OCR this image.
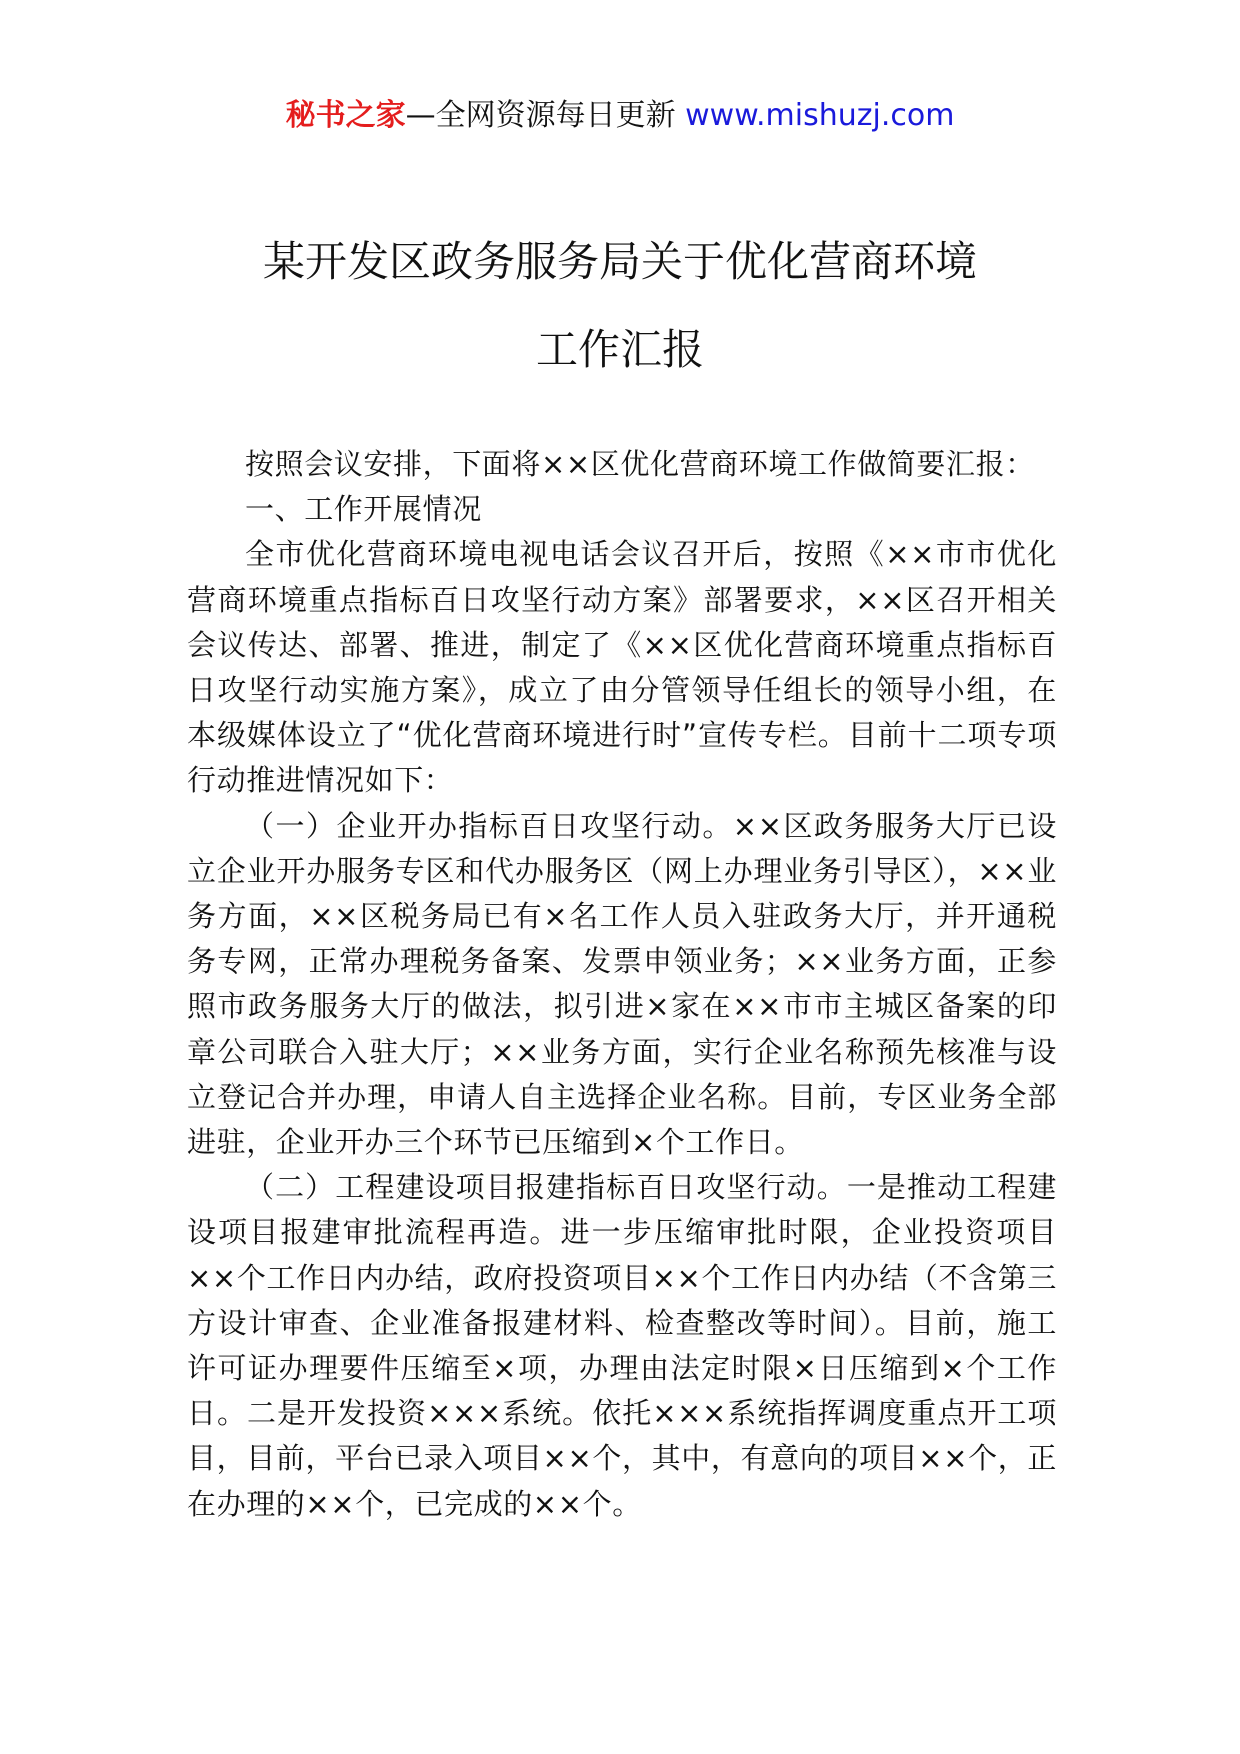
秘书之家—全网资源每日更新 www.mishuzj.com
某开发区政务服务局关于优化营商环境
工作汇报

按照会议安排，下面将××区优化营商环境工作做简要汇报：

一、工作开展情况

全市优化营商环境电视电话会议召开后，按照《××市市优化营商环境重点指标百日攻坚行动方案》部署要求，××区召开相关会议传达、部署、推进，制定了《××区优化营商环境重点指标百日攻坚行动实施方案》，成立了由分管领导任组长的领导小组，在本级媒体设立了“优化营商环境进行时”宣传专栏。目前十二项专项行动推进情况如下：

（一）企业开办指标百日攻坚行动。××区政务服务大厅已设立企业开办服务专区和代办服务区（网上办理业务引导区），××业务方面，××区税务局已有×名工作人员入驻政务大厅，并开通税务专网，正常办理税务备案、发票申领业务；××业务方面，正参照市政务服务大厅的做法，拟引进×家在××市市主城区备案的印章公司联合入驻大厅；××业务方面，实行企业名称预先核准与设立登记合并办理，申请人自主选择企业名称。目前，专区业务全部进驻，企业开办三个环节已压缩到×个工作日。

（二）工程建设项目报建指标百日攻坚行动。一是推动工程建设项目报建审批流程再造。进一步压缩审批时限，企业投资项目××个工作日内办结，政府投资项目××个工作日内办结（不含第三方设计审查、企业准备报建材料、检查整改等时间）。目前，施工许可证办理要件压缩至×项，办理由法定时限×日压缩到×个工作日。二是开发投资×××系统。依托×××系统指挥调度重点开工项目，目前，平台已录入项目××个，其中，有意向的项目××个，正在办理的××个，已完成的××个。
